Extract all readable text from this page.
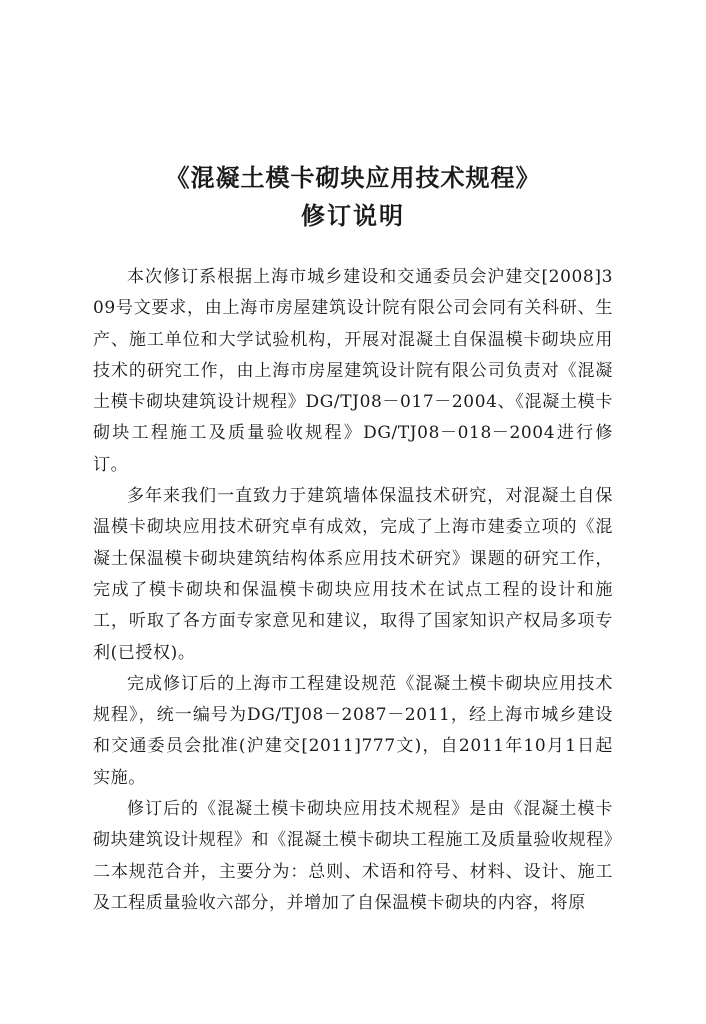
《混凝土模卡砌块应用技术规程》
修订说明

本次修订系根据上海市城乡建设和交通委员会沪建交[2008]309号文要求，由上海市房屋建筑设计院有限公司会同有关科研、生产、施工单位和大学试验机构，开展对混凝土自保温模卡砌块应用技术的研究工作，由上海市房屋建筑设计院有限公司负责对《混凝土模卡砌块建筑设计规程》DG/TJ08－017－2004、《混凝土模卡砌块工程施工及质量验收规程》DG/TJ08－018－2004进行修订。

多年来我们一直致力于建筑墙体保温技术研究，对混凝土自保温模卡砌块应用技术研究卓有成效，完成了上海市建委立项的《混凝土保温模卡砌块建筑结构体系应用技术研究》课题的研究工作，完成了模卡砌块和保温模卡砌块应用技术在试点工程的设计和施工，听取了各方面专家意见和建议，取得了国家知识产权局多项专利(已授权)。

完成修订后的上海市工程建设规范《混凝土模卡砌块应用技术规程》，统一编号为DG/TJ08－2087－2011，经上海市城乡建设和交通委员会批准(沪建交[2011]777文)，自2011年10月1日起实施。

修订后的《混凝土模卡砌块应用技术规程》是由《混凝土模卡砌块建筑设计规程》和《混凝土模卡砌块工程施工及质量验收规程》二本规范合并，主要分为：总则、术语和符号、材料、设计、施工及工程质量验收六部分，并增加了自保温模卡砌块的内容，将原
